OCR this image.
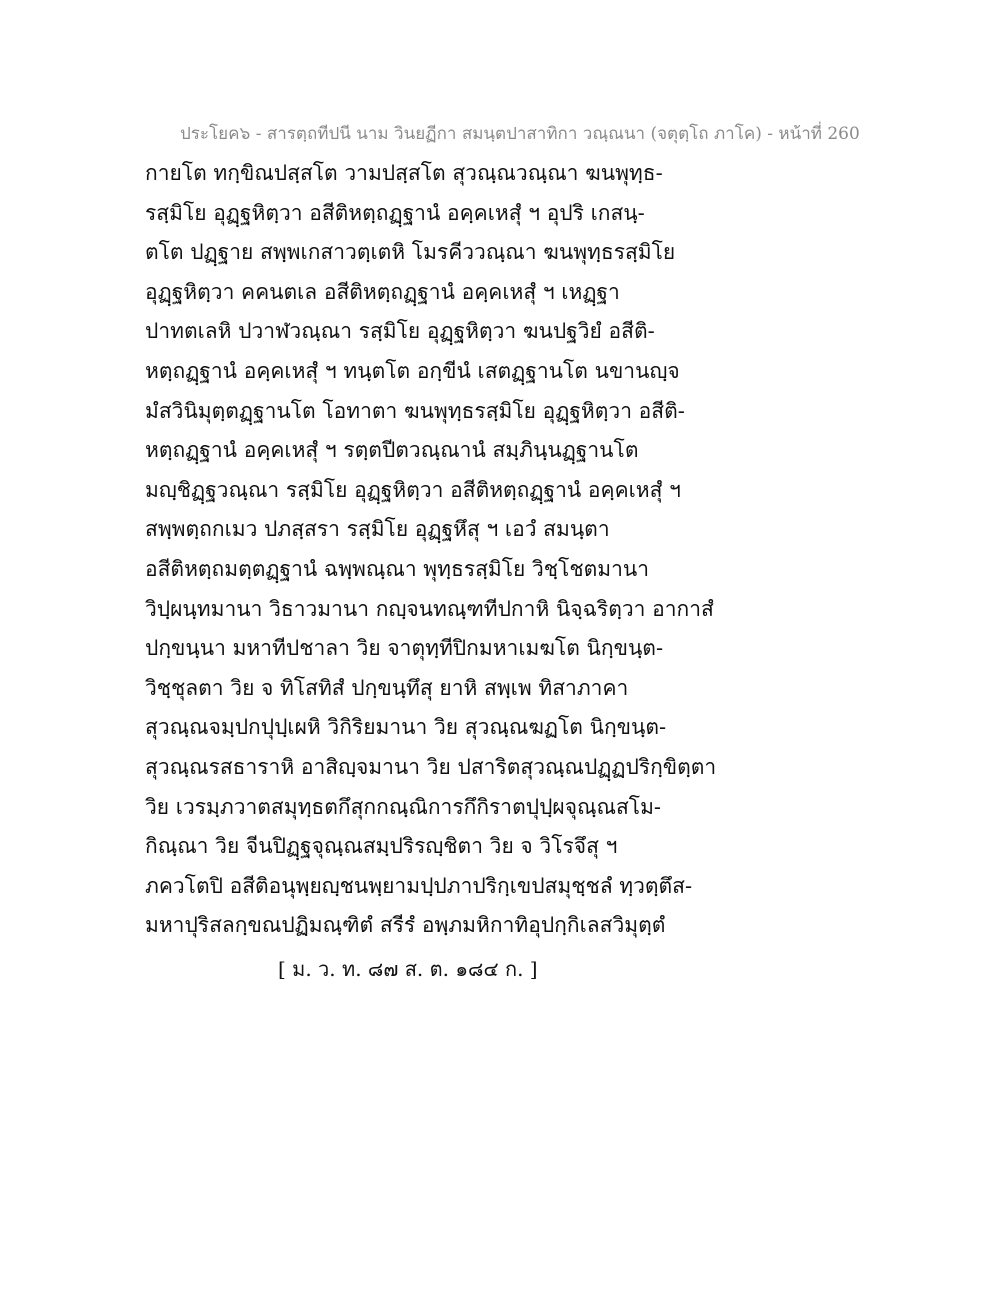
ประโยค๖ - สารตฺถทีปนี นาม วินยฏีกา สมนฺตปาสาทิกา วณฺณนา (จตุตฺโถ ภาโค) - หน้าที่ 260
กายโต ทกฺขิณปสฺสโต วามปสฺสโต สุวณฺณวณฺณา ฆนพุทฺธ-
รสฺมิโย อุฏฺฐหิตฺวา อสีติหตฺถฏฺฐานํ อคฺคเหสุํ ฯ อุปริ เกสนฺ-
ตโต ปฏฺฐาย สพฺพเกสาวตฺเตหิ โมรคีววณฺณา ฆนพุทฺธรสฺมิโย
อุฏฺฐหิตฺวา คคนตเล อสีติหตฺถฏฺฐานํ อคฺคเหสุํ ฯ เหฏฺฐา
ปาทตเลหิ ปวาฬวณฺณา รสฺมิโย อุฏฺฐหิตฺวา ฆนปฐวิยํ อสีติ-
หตฺถฏฺฐานํ อคฺคเหสุํ ฯ ทนฺตโต อกฺขีนํ เสตฏฺฐานโต นขานญฺจ
มํสวินิมุตฺตฏฺฐานโต โอทาตา ฆนพุทฺธรสฺมิโย อุฏฺฐหิตฺวา อสีติ-
หตฺถฏฺฐานํ อคฺคเหสุํ ฯ รตฺตปีตวณฺณานํ สมฺภินฺนฏฺฐานโต
มญฺชิฏฺฐวณฺณา รสฺมิโย อุฏฺฐหิตฺวา อสีติหตฺถฏฺฐานํ อคฺคเหสุํ ฯ
สพฺพตฺถกเมว ปภสฺสรา รสฺมิโย อุฏฺฐหึสุ ฯ เอวํ สมนฺตา
อสีติหตฺถมตฺตฏฺฐานํ ฉพฺพณฺณา พุทฺธรสฺมิโย วิชฺโชตมานา
วิปฺผนฺทมานา วิธาวมานา กญฺจนทณฺฑทีปกาหิ นิจฺฉริตฺวา อากาสํ
ปกฺขนฺนา มหาทีปชาลา วิย จาตุทฺทีปิกมหาเมฆโต นิกฺขนฺต-
วิชฺชุลตา วิย จ ทิโสทิสํ ปกฺขนฺทึสุ ยาหิ สพฺเพ ทิสาภาคา
สุวณฺณจมฺปกปุปฺเผหิ วิกิริยมานา วิย สุวณฺณฆฏโต นิกฺขนฺต-
สุวณฺณรสธาราหิ อาสิญฺจมานา วิย ปสาริตสุวณฺณปฏฺฏปริกฺขิตฺตา
วิย เวรมฺภวาตสมุทฺธตกึสุกกณฺณิการกึกิราตปุปฺผจุณฺณสโม-
กิณฺณา วิย จีนปิฏฺฐจุณฺณสมฺปริรญฺชิตา วิย จ วิโรจึสุ ฯ
ภควโตปิ อสีติอนุพฺยญฺชนพฺยามปฺปภาปริกฺเขปสมุชฺชลํ ทฺวตฺตึส-
มหาปุริสลกฺขณปฏิมณฺฑิตํ สรีรํ อพฺภมหิกาทิอุปกฺกิเลสวิมุตฺตํ
[ ม. ว. ท. ๘๗ ส. ต. ๑๘๔ ก. ]
